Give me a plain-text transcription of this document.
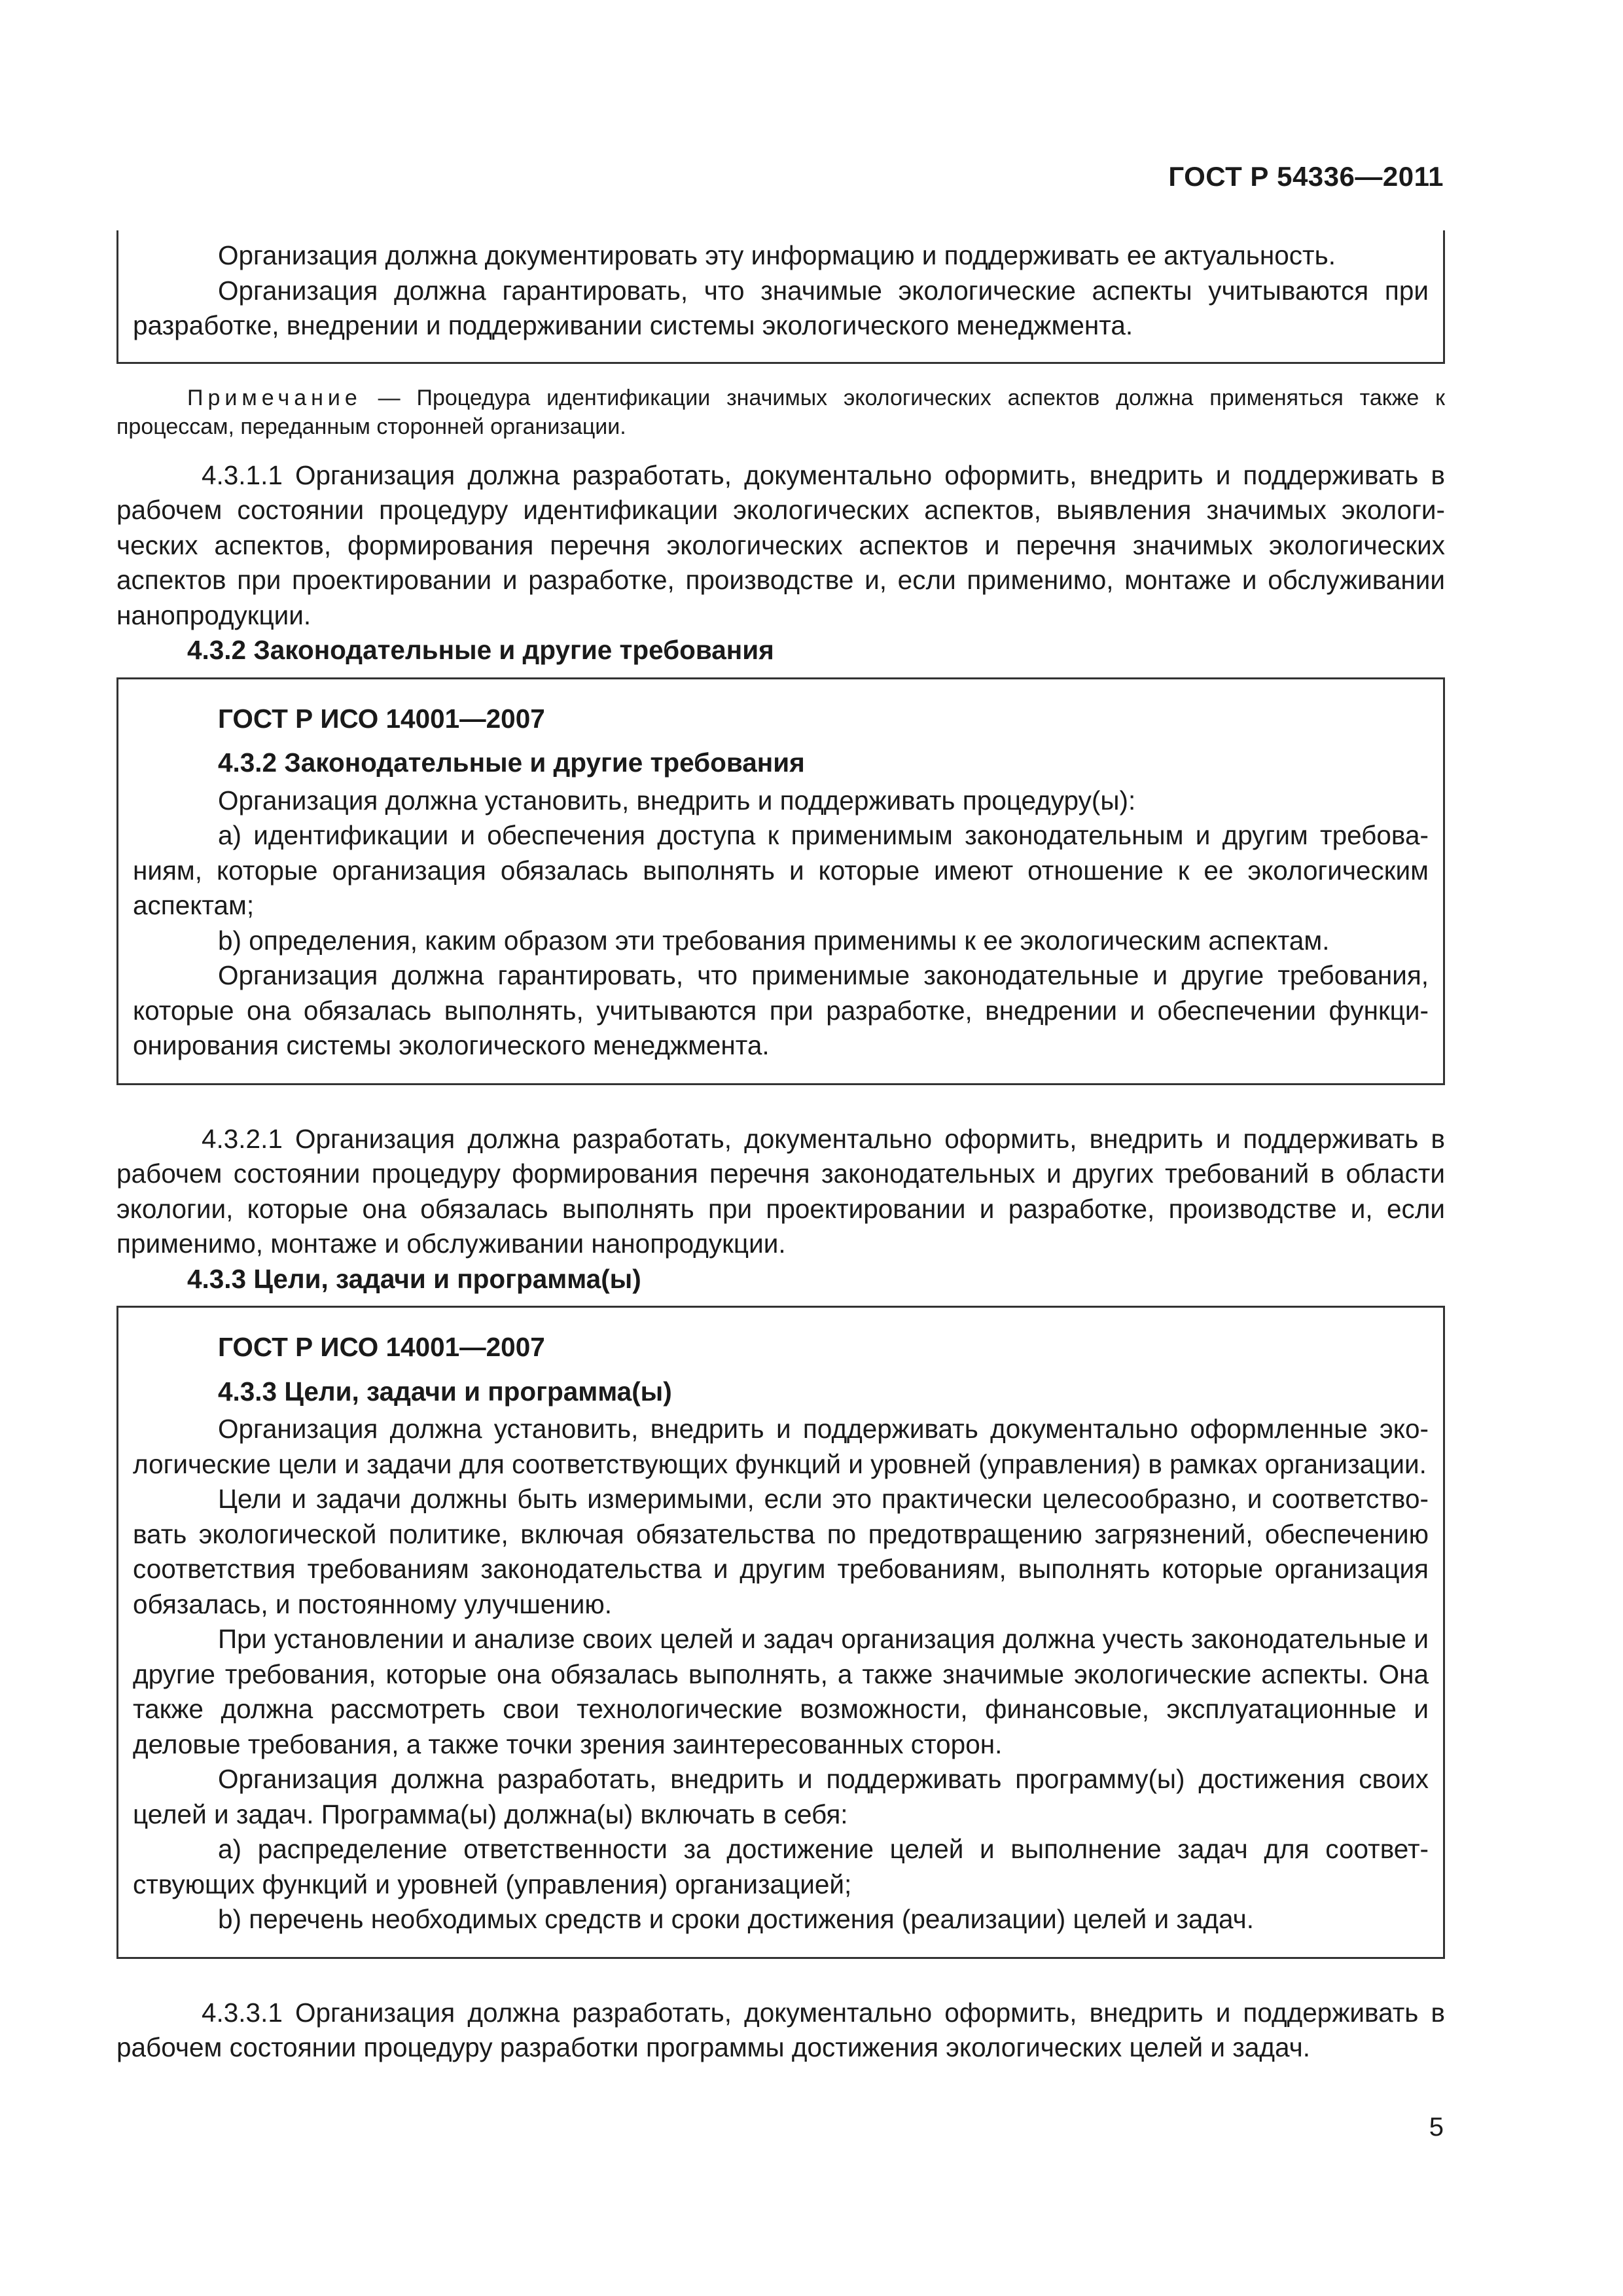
ГОСТ Р 54336—2011

Организация должна документировать эту информацию и поддерживать ее актуальность.

Организация должна гарантировать, что значимые экологические аспекты учитываются при разработке, внедрении и поддерживании системы экологического менеджмента.

Примечание — Процедура идентификации значимых экологических аспектов должна применяться также к процессам, переданным сторонней организации.

4.3.1.1 Организация должна разработать, документально оформить, внедрить и поддерживать в рабочем состоянии процедуру идентификации экологических аспектов, выявления значимых экологических аспектов, формирования перечня экологических аспектов и перечня значимых экологических аспектов при проектировании и разработке, производстве и, если применимо, монтаже и обслуживании нанопродукции.

4.3.2 Законодательные и другие требования

ГОСТ Р ИСО 14001—2007

4.3.2 Законодательные и другие требования

Организация должна установить, внедрить и поддерживать процедуру(ы):

a) идентификации и обеспечения доступа к применимым законодательным и другим требованиям, которые организация обязалась выполнять и которые имеют отношение к ее экологическим аспектам;

b) определения, каким образом эти требования применимы к ее экологическим аспектам.

Организация должна гарантировать, что применимые законодательные и другие требования, которые она обязалась выполнять, учитываются при разработке, внедрении и обеспечении функционирования системы экологического менеджмента.

4.3.2.1 Организация должна разработать, документально оформить, внедрить и поддерживать в рабочем состоянии процедуру формирования перечня законодательных и других требований в области экологии, которые она обязалась выполнять при проектировании и разработке, производстве и, если применимо, монтаже и обслуживании нанопродукции.

4.3.3 Цели, задачи и программа(ы)

ГОСТ Р ИСО 14001—2007

4.3.3 Цели, задачи и программа(ы)

Организация должна установить, внедрить и поддерживать документально оформленные экологические цели и задачи для соответствующих функций и уровней (управления) в рамках организации.

Цели и задачи должны быть измеримыми, если это практически целесообразно, и соответствовать экологической политике, включая обязательства по предотвращению загрязнений, обеспечению соответствия требованиям законодательства и другим требованиям, выполнять которые организация обязалась, и постоянному улучшению.

При установлении и анализе своих целей и задач организация должна учесть законодательные и другие требования, которые она обязалась выполнять, а также значимые экологические аспекты. Она также должна рассмотреть свои технологические возможности, финансовые, эксплуатационные и деловые требования, а также точки зрения заинтересованных сторон.

Организация должна разработать, внедрить и поддерживать программу(ы) достижения своих целей и задач. Программа(ы) должна(ы) включать в себя:

a) распределение ответственности за достижение целей и выполнение задач для соответствующих функций и уровней (управления) организацией;

b) перечень необходимых средств и сроки достижения (реализации) целей и задач.

4.3.3.1 Организация должна разработать, документально оформить, внедрить и поддерживать в рабочем состоянии процедуру разработки программы достижения экологических целей и задач.

5
